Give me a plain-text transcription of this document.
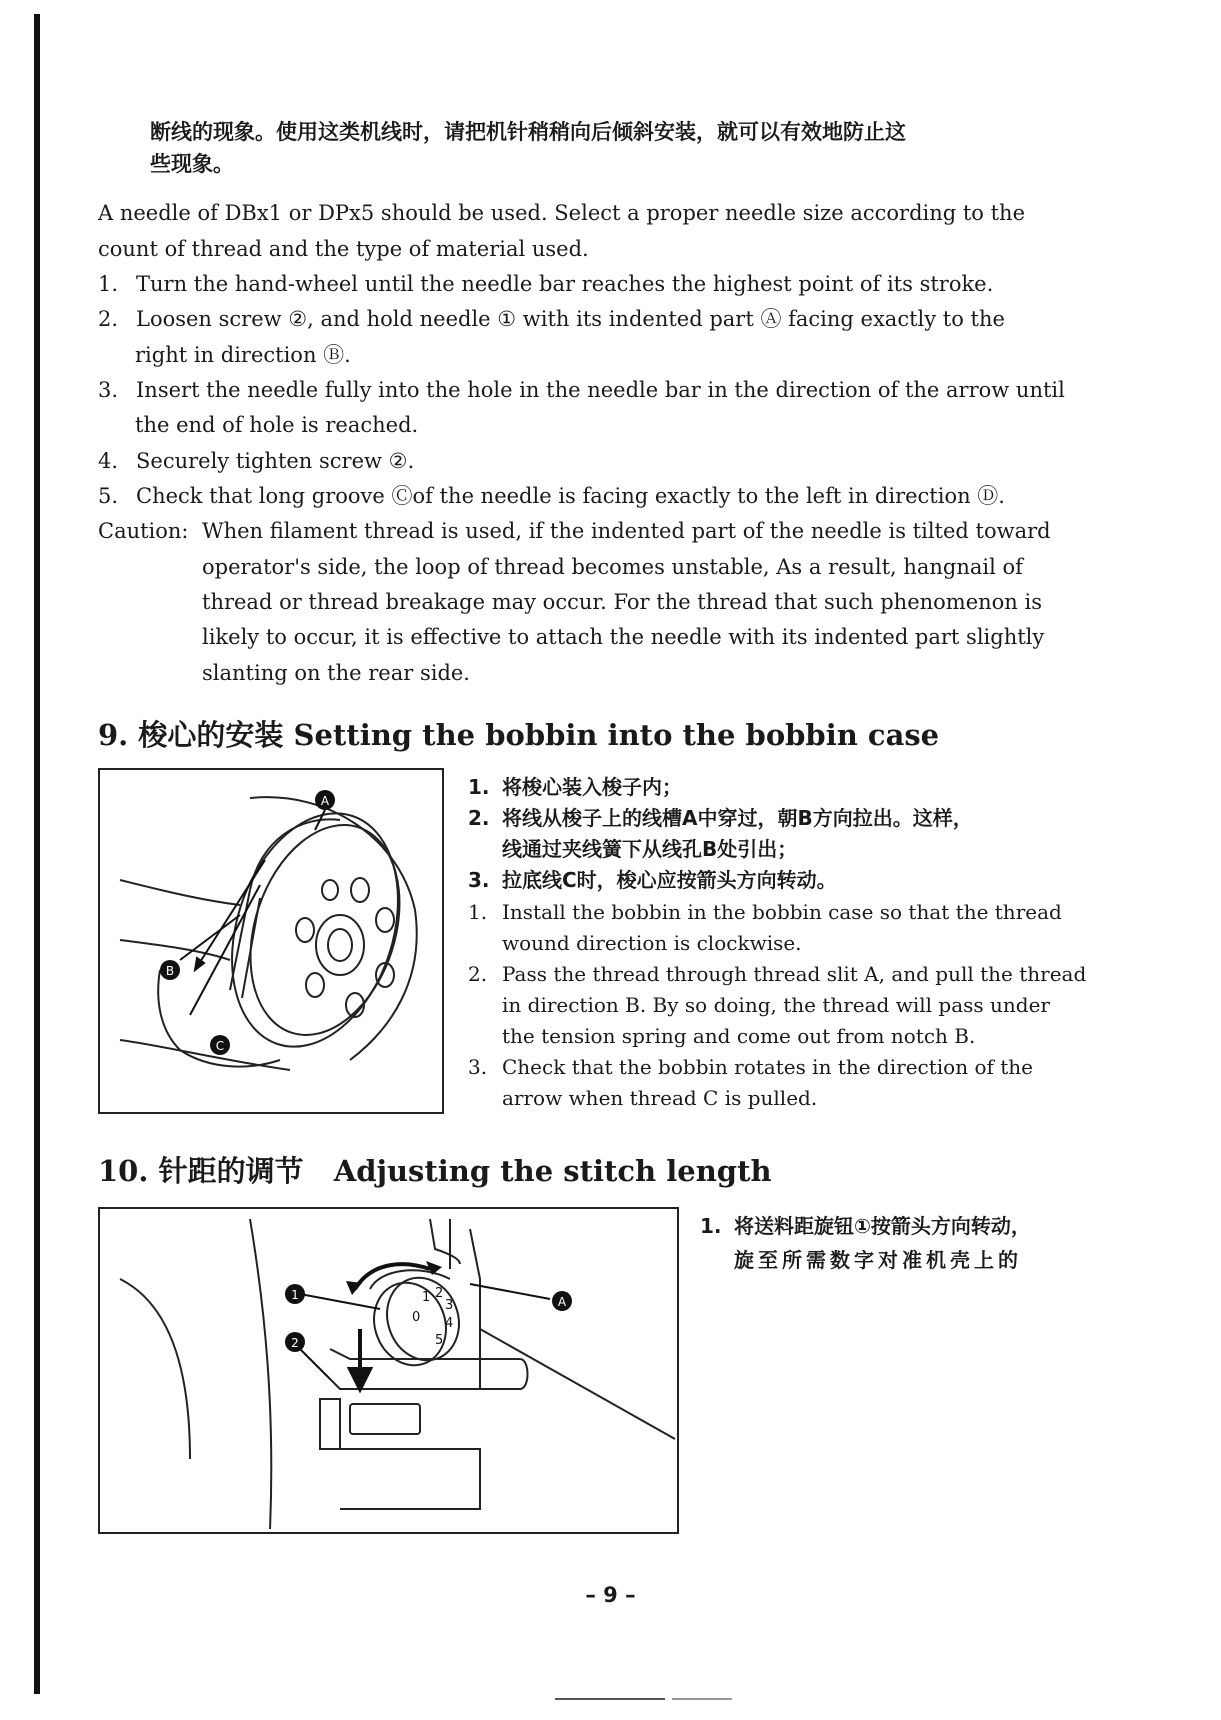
断线的现象。使用这类机线时，请把机针稍稍向后倾斜安装，就可以有效地防止这
些现象。
A needle of DBx1 or DPx5 should be used. Select a proper needle size according to the
count of thread and the type of material used.
1. Turn the hand-wheel until the needle bar reaches the highest point of its stroke.
2. Loosen screw ②, and hold needle ① with its indented part Ⓐ facing exactly to the
right in direction Ⓑ.
3. Insert the needle fully into the hole in the needle bar in the direction of the arrow until
the end of hole is reached.
4. Securely tighten screw ②.
5. Check that long groove Ⓒof the needle is facing exactly to the left in direction Ⓓ.
Caution: When filament thread is used, if the indented part of the needle is tilted toward
operator's side, the loop of thread becomes unstable, As a result, hangnail of
thread or thread breakage may occur. For the thread that such phenomenon is
likely to occur, it is effective to attach the needle with its indented part slightly
slanting on the rear side.
9. 梭心的安装 Setting the bobbin into the bobbin case
A
B
C
1. 将梭心装入梭子内；
2. 将线从梭子上的线槽A中穿过，朝B方向拉出。这样，
线通过夹线簧下从线孔B处引出；
3. 拉底线C时，梭心应按箭头方向转动。
1. Install the bobbin in the bobbin case so that the thread
wound direction is clockwise.
2. Pass the thread through thread slit A, and pull the thread
in direction B. By so doing, the thread will pass under
the tension spring and come out from notch B.
3. Check that the bobbin rotates in the direction of the
arrow when thread C is pulled.
10. 针距的调节 Adjusting the stitch length
0
1 2
3
4
5
1
2
A
1. 将送料距旋钮①按箭头方向转动，
旋至所需数字对准机壳上的
– 9 –
